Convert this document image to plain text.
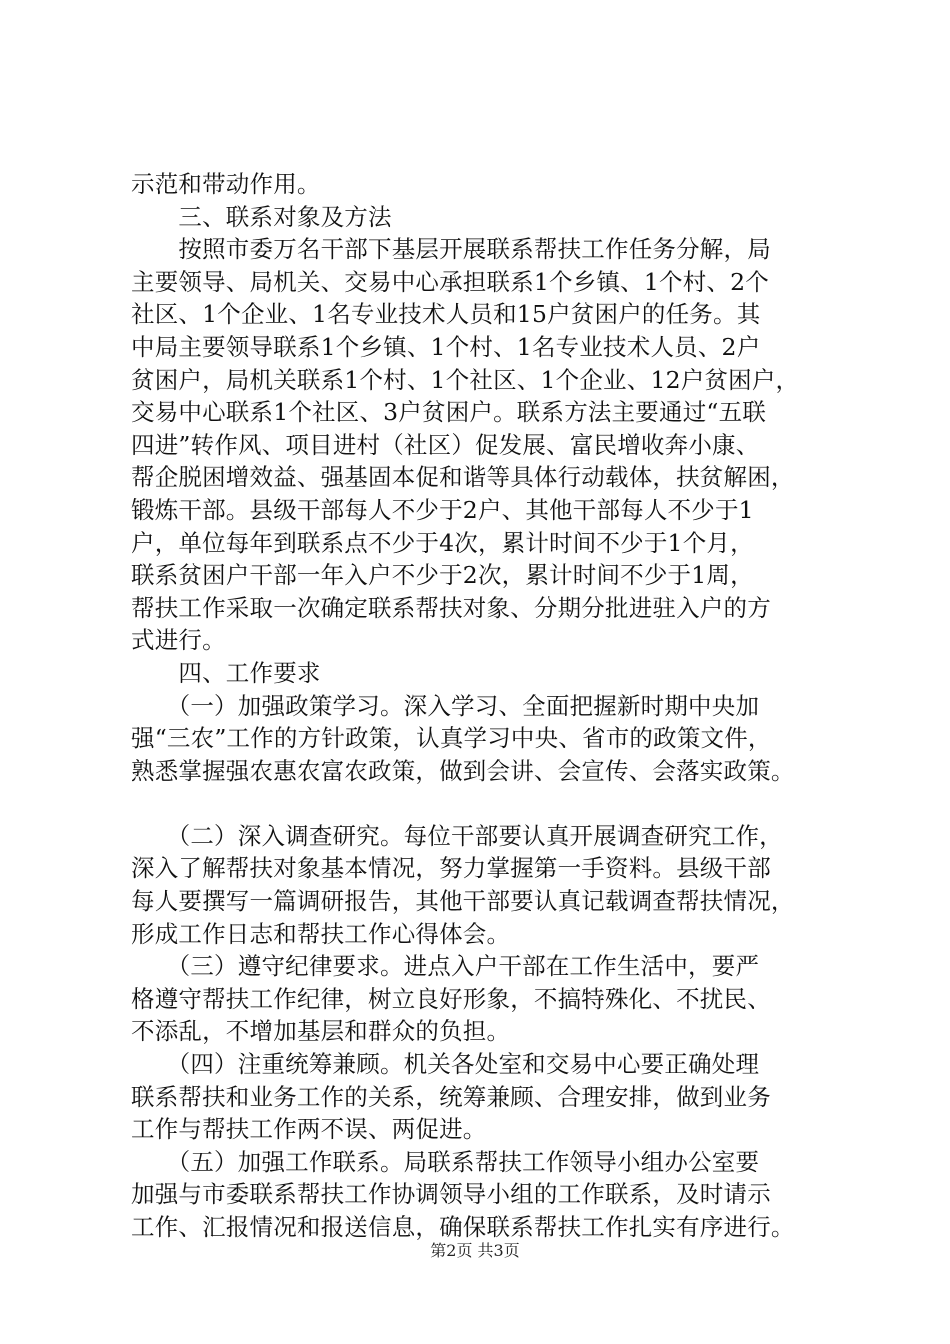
示范和带动作用。
　　三、联系对象及方法
　　按照市委万名干部下基层开展联系帮扶工作任务分解，局
主要领导、局机关、交易中心承担联系1个乡镇、1个村、2个
社区、1个企业、1名专业技术人员和15户贫困户的任务。其
中局主要领导联系1个乡镇、1个村、1名专业技术人员、2户
贫困户，局机关联系1个村、1个社区、1个企业、12户贫困户，
交易中心联系1个社区、3户贫困户。联系方法主要通过“五联
四进”转作风、项目进村（社区）促发展、富民增收奔小康、
帮企脱困增效益、强基固本促和谐等具体行动载体，扶贫解困，
锻炼干部。县级干部每人不少于2户、其他干部每人不少于1
户，单位每年到联系点不少于4次，累计时间不少于1个月，
联系贫困户干部一年入户不少于2次，累计时间不少于1周，
帮扶工作采取一次确定联系帮扶对象、分期分批进驻入户的方
式进行。
　　四、工作要求
　　（一）加强政策学习。深入学习、全面把握新时期中央加
强“三农”工作的方针政策，认真学习中央、省市的政策文件，
熟悉掌握强农惠农富农政策，做到会讲、会宣传、会落实政策。
　　（二）深入调查研究。每位干部要认真开展调查研究工作，
深入了解帮扶对象基本情况，努力掌握第一手资料。县级干部
每人要撰写一篇调研报告，其他干部要认真记载调查帮扶情况，
形成工作日志和帮扶工作心得体会。
　　（三）遵守纪律要求。进点入户干部在工作生活中，要严
格遵守帮扶工作纪律，树立良好形象，不搞特殊化、不扰民、
不添乱，不增加基层和群众的负担。
　　（四）注重统筹兼顾。机关各处室和交易中心要正确处理
联系帮扶和业务工作的关系，统筹兼顾、合理安排，做到业务
工作与帮扶工作两不误、两促进。
　　（五）加强工作联系。局联系帮扶工作领导小组办公室要
加强与市委联系帮扶工作协调领导小组的工作联系，及时请示
工作、汇报情况和报送信息，确保联系帮扶工作扎实有序进行。
第2页 共3页
